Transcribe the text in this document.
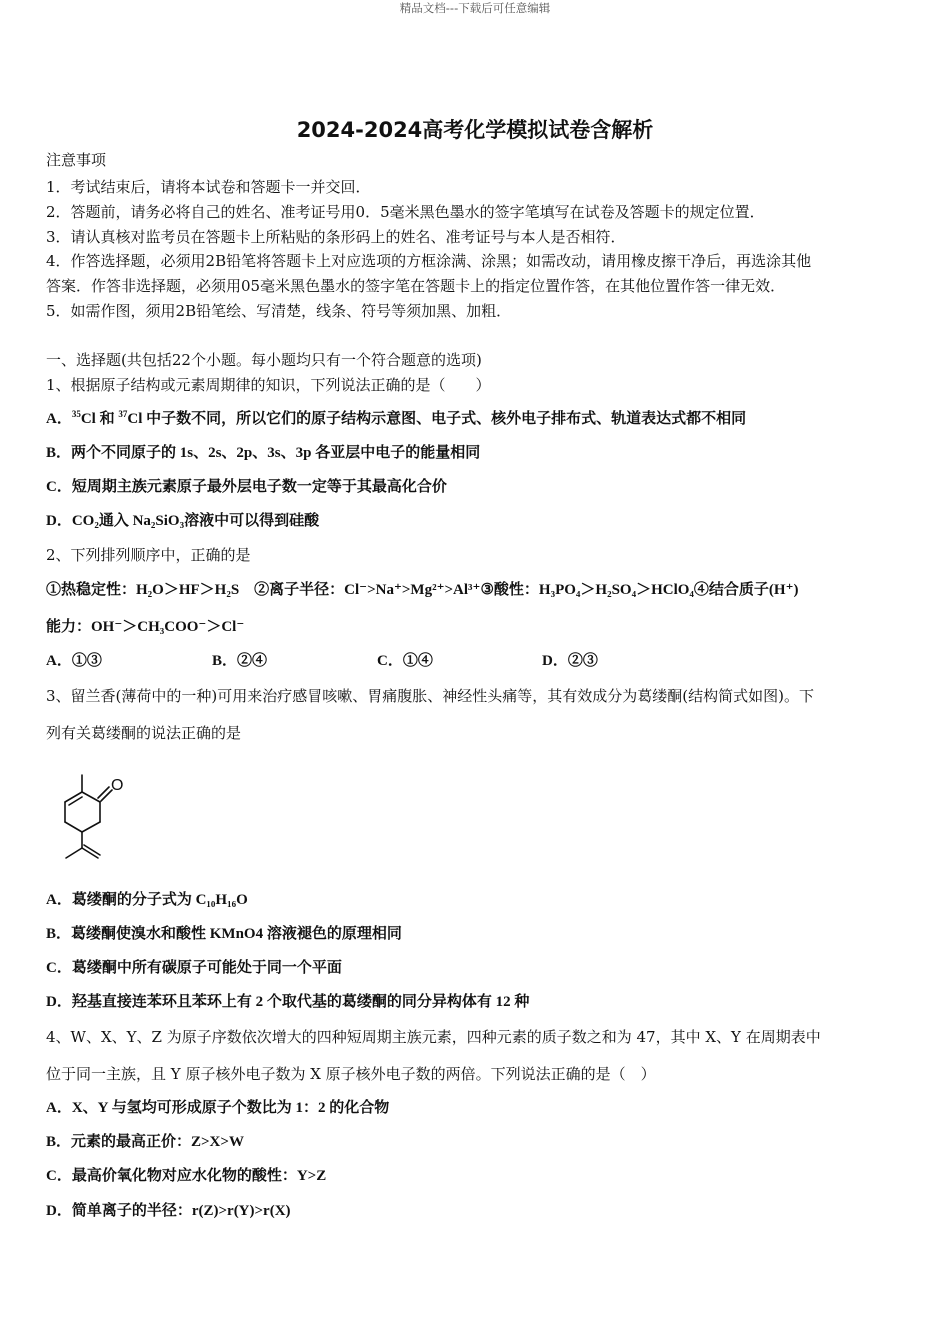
精品文档---下载后可任意编辑
2024-2024高考化学模拟试卷含解析
注意事项
1．考试结束后，请将本试卷和答题卡一并交回．
2．答题前，请务必将自己的姓名、准考证号用0．5毫米黑色墨水的签字笔填写在试卷及答题卡的规定位置．
3．请认真核对监考员在答题卡上所粘贴的条形码上的姓名、准考证号与本人是否相符．
4．作答选择题，必须用2B铅笔将答题卡上对应选项的方框涂满、涂黑；如需改动，请用橡皮擦干净后，再选涂其他
答案．作答非选择题，必须用05毫米黑色墨水的签字笔在答题卡上的指定位置作答，在其他位置作答一律无效．
5．如需作图，须用2B铅笔绘、写清楚，线条、符号等须加黑、加粗．
一、选择题(共包括22个小题。每小题均只有一个符合题意的选项)
1、根据原子结构或元素周期律的知识，下列说法正确的是（　　）
A．$^{35}$Cl 和 $^{37}$Cl 中子数不同，所以它们的原子结构示意图、电子式、核外电子排布式、轨道表达式都不相同
B．两个不同原子的 1s、2s、2p、3s、3p 各亚层中电子的能量相同
C．短周期主族元素原子最外层电子数一定等于其最高化合价
D．CO₂通入 Na₂SiO₃溶液中可以得到硅酸
2、下列排列顺序中，正确的是
①热稳定性：H₂O＞HF＞H₂S　②离子半径：Cl⁻>Na⁺>Mg²⁺>Al³⁺③酸性：H₃PO₄＞H₂SO₄＞HClO₄④结合质子(H⁺)
能力：OH⁻＞CH₃COO⁻＞Cl⁻
A．①③	B．②④	C．①④	D．②③
3、留兰香(薄荷中的一种)可用来治疗感冒咳嗽、胃痛腹胀、神经性头痛等，其有效成分为葛缕酮(结构简式如图)。下
列有关葛缕酮的说法正确的是
O
A．葛缕酮的分子式为 C₁₀H₁₆O
B．葛缕酮使溴水和酸性 KMnO4 溶液褪色的原理相同
C．葛缕酮中所有碳原子可能处于同一个平面
D．羟基直接连苯环且苯环上有 2 个取代基的葛缕酮的同分异构体有 12 种
4、W、X、Y、Z 为原子序数依次增大的四种短周期主族元素，四种元素的质子数之和为 47，其中 X、Y 在周期表中
位于同一主族，且 Y 原子核外电子数为 X 原子核外电子数的两倍。下列说法正确的是（　）
A．X、Y 与氢均可形成原子个数比为 1：2 的化合物
B．元素的最高正价：Z>X>W
C．最高价氧化物对应水化物的酸性：Y>Z
D．简单离子的半径：r(Z)>r(Y)>r(X)
